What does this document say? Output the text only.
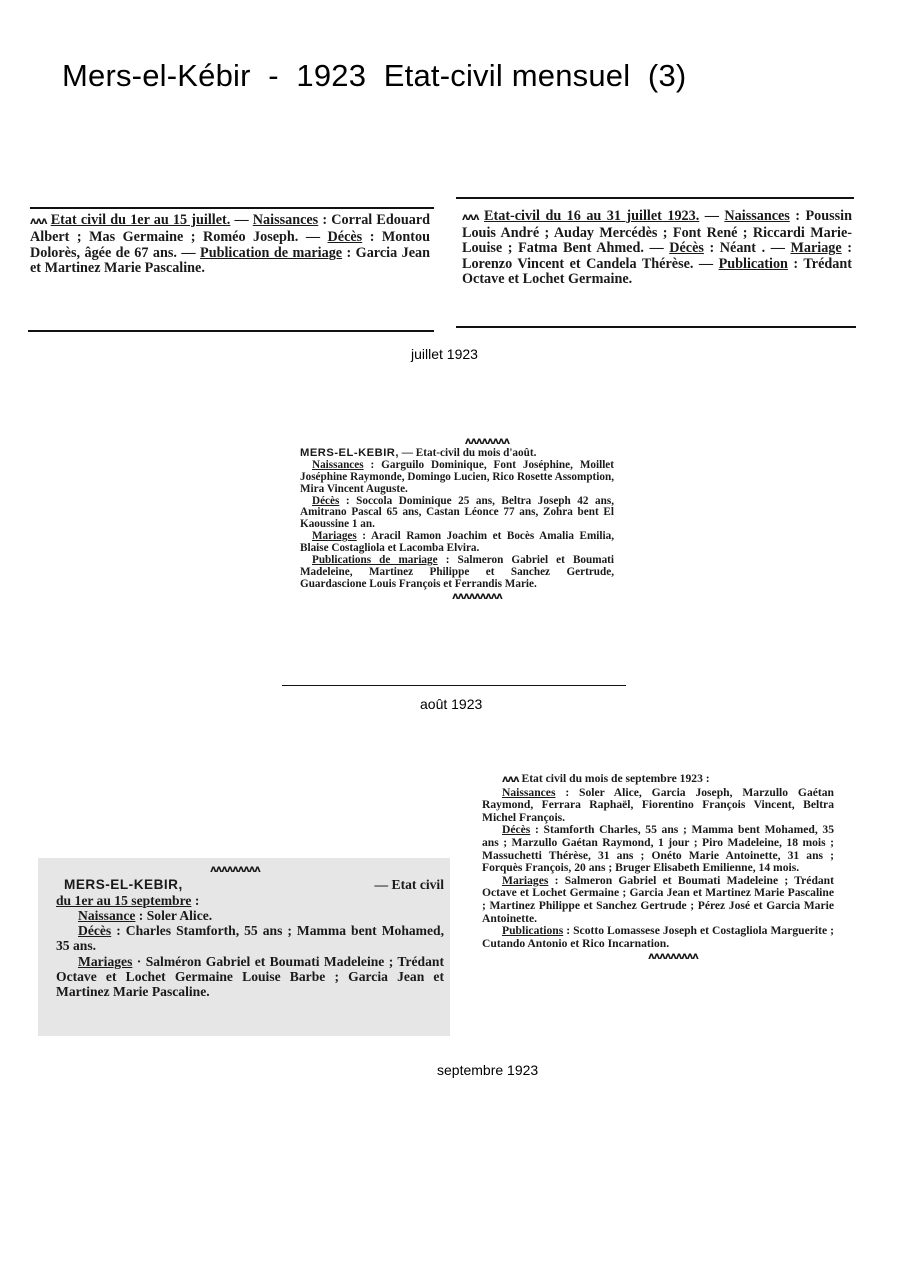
Mers-el-Kébir  -  1923  Etat-civil mensuel  (3)

ʌʌʌ Etat civil du 1er au 15 juillet. — Naissances : Corral Edouard Albert ; Mas Germaine ; Roméo Joseph. — Décès : Montou Dolorès, âgée de 67 ans. — Publication de mariage : Garcia Jean et Martinez Marie Pascaline.

ʌʌʌ Etat-civil du 16 au 31 juillet 1923. — Naissances : Poussin Louis André ; Auday Mercédès ; Font René ; Riccardi Marie-Louise ; Fatma Bent Ahmed. — Décès : Néant . — Mariage : Lorenzo Vincent et Candela Thérèse. — Publication : Trédant Octave et Lochet Germaine.

juillet 1923

ʌʌʌʌʌʌʌʌ

MERS-EL-KEBIR, — Etat-civil du mois d'août.

Naissances : Garguilo Dominique, Font Joséphine, Moillet Joséphine Raymonde, Domingo Lucien, Rico Rosette Assomption, Mira Vincent Auguste.

Décès : Soccola Dominique 25 ans, Beltra Joseph 42 ans, Amitrano Pascal 65 ans, Castan Léonce 77 ans, Zohra bent El Kaoussine 1 an.

Mariages : Aracil Ramon Joachim et Bocès Amalia Emilia, Blaise Costagliola et Lacomba Elvira.

Publications de mariage : Salmeron Gabriel et Boumati Madeleine, Martinez Philippe et Sanchez Gertrude, Guardascione Louis François et Ferrandis Marie.

ʌʌʌʌʌʌʌʌʌ

août 1923

ʌʌʌʌʌʌʌʌʌ

MERS-EL-KEBIR,	— Etat civil

du 1er au 15 septembre :

Naissance : Soler Alice.

Décès : Charles Stamforth, 55 ans ; Mamma bent Mohamed, 35 ans.

Mariages · Salméron Gabriel et Boumati Madeleine ; Trédant Octave et Lochet Germaine Louise Barbe ; Garcia Jean et Martinez Marie Pascaline.

ʌʌʌ Etat civil du mois de septembre 1923 :

Naissances : Soler Alice, Garcia Joseph, Marzullo Gaétan Raymond, Ferrara Raphaël, Fiorentino François Vincent, Beltra Michel François.

Décès : Stamforth Charles, 55 ans ; Mamma bent Mohamed, 35 ans ; Marzullo Gaétan Raymond, 1 jour ; Piro Madeleine, 18 mois ; Massuchetti Thérèse, 31 ans ; Onéto Marie Antoinette, 31 ans ; Forquès François, 20 ans ; Bruger Elisabeth Emilienne, 14 mois.

Mariages : Salmeron Gabriel et Boumati Madeleine ; Trédant Octave et Lochet Germaine ; Garcia Jean et Martinez Marie Pascaline ; Martinez Philippe et Sanchez Gertrude ; Pérez José et Garcia Marie Antoinette.

Publications : Scotto Lomassese Joseph et Costagliola Marguerite ; Cutando Antonio et Rico Incarnation.

ʌʌʌʌʌʌʌʌʌ

septembre 1923
